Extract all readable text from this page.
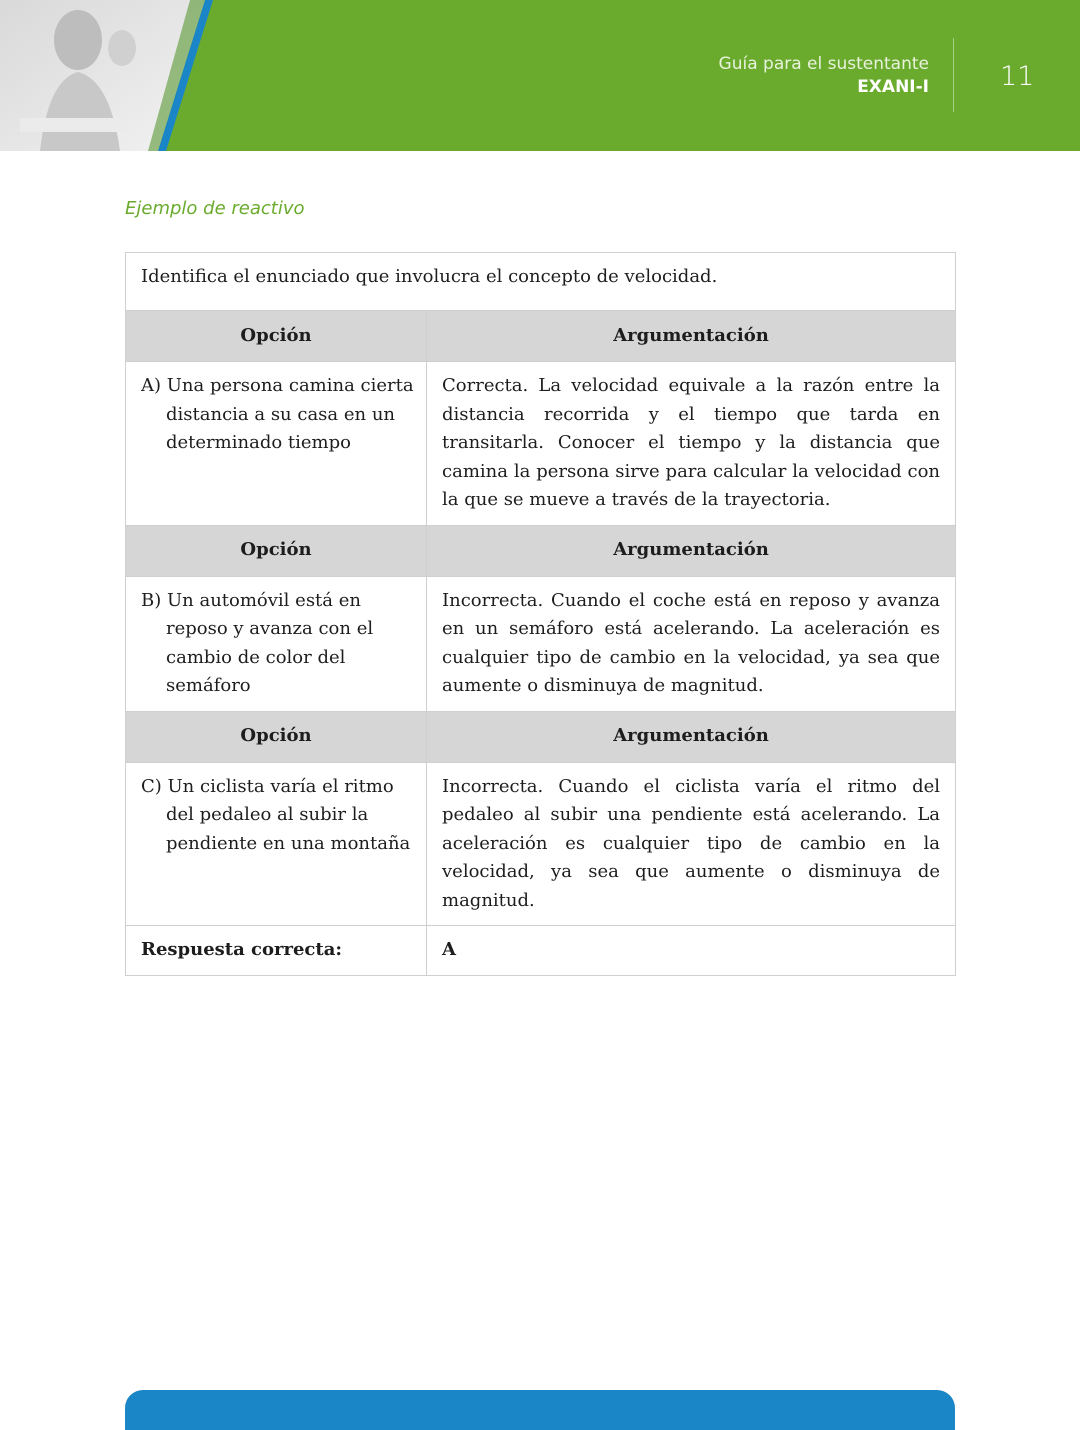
Guía para el sustentante
EXANI-I	11
Ejemplo de reactivo
Identifica el enunciado que involucra el concepto de velocidad.	
Opción	Argumentación

A) Una persona camina cierta distancia a su casa en un determinado tiempo	Correcta. La velocidad equivale a la razón entre la distancia recorrida y el tiempo que tarda en transitarla. Conocer el tiempo y la distancia que camina la persona sirve para calcular la velocidad con la que se mueve a través de la trayectoria.
Opción	Argumentación

B) Un automóvil está en reposo y avanza con el cambio de color del semáforo	Incorrecta. Cuando el coche está en reposo y avanza en un semáforo está acelerando. La aceleración es cualquier tipo de cambio en la velocidad, ya sea que aumente o disminuya de magnitud.
Opción	Argumentación

C) Un ciclista varía el ritmo del pedaleo al subir la pendiente en una montaña	Incorrecta. Cuando el ciclista varía el ritmo del pedaleo al subir una pendiente está acelerando. La aceleración es cualquier tipo de cambio en la velocidad, ya sea que aumente o disminuya de magnitud.
Respuesta correcta:	A
